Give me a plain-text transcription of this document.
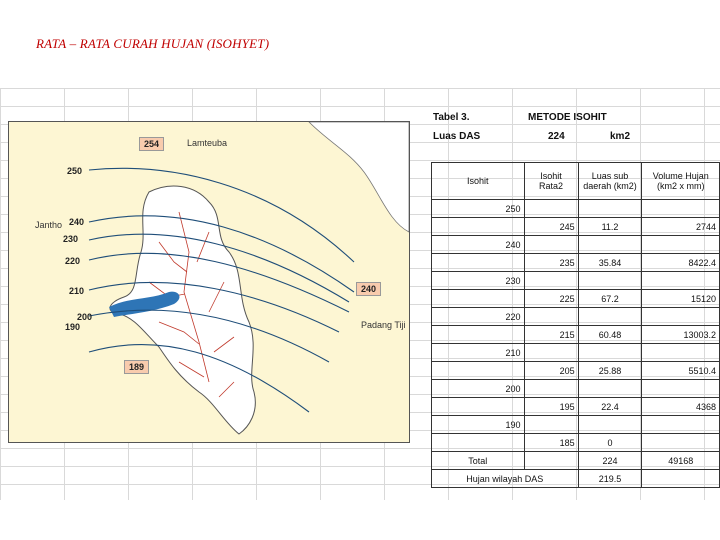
RATA – RATA CURAH HUJAN (ISOHYET)
254
240
189
Lamteuba
Jantho
Padang Tiji
250
240
230
220
210
200
190
Tabel 3.	METODE ISOHIT
Luas DAS	224	km2
Isohit	Isohit Rata2	Luas sub daerah (km2)	Volume Hujan (km2 x mm)
250			
	245	11.2	2744
240			
	235	35.84	8422.4
230			
	225	67.2	15120
220			
	215	60.48	13003.2
210			
	205	25.88	5510.4
200			
	195	22.4	4368
190			
	185	0	
Total		224	49168
Hujan wilayah DAS		219.5	
